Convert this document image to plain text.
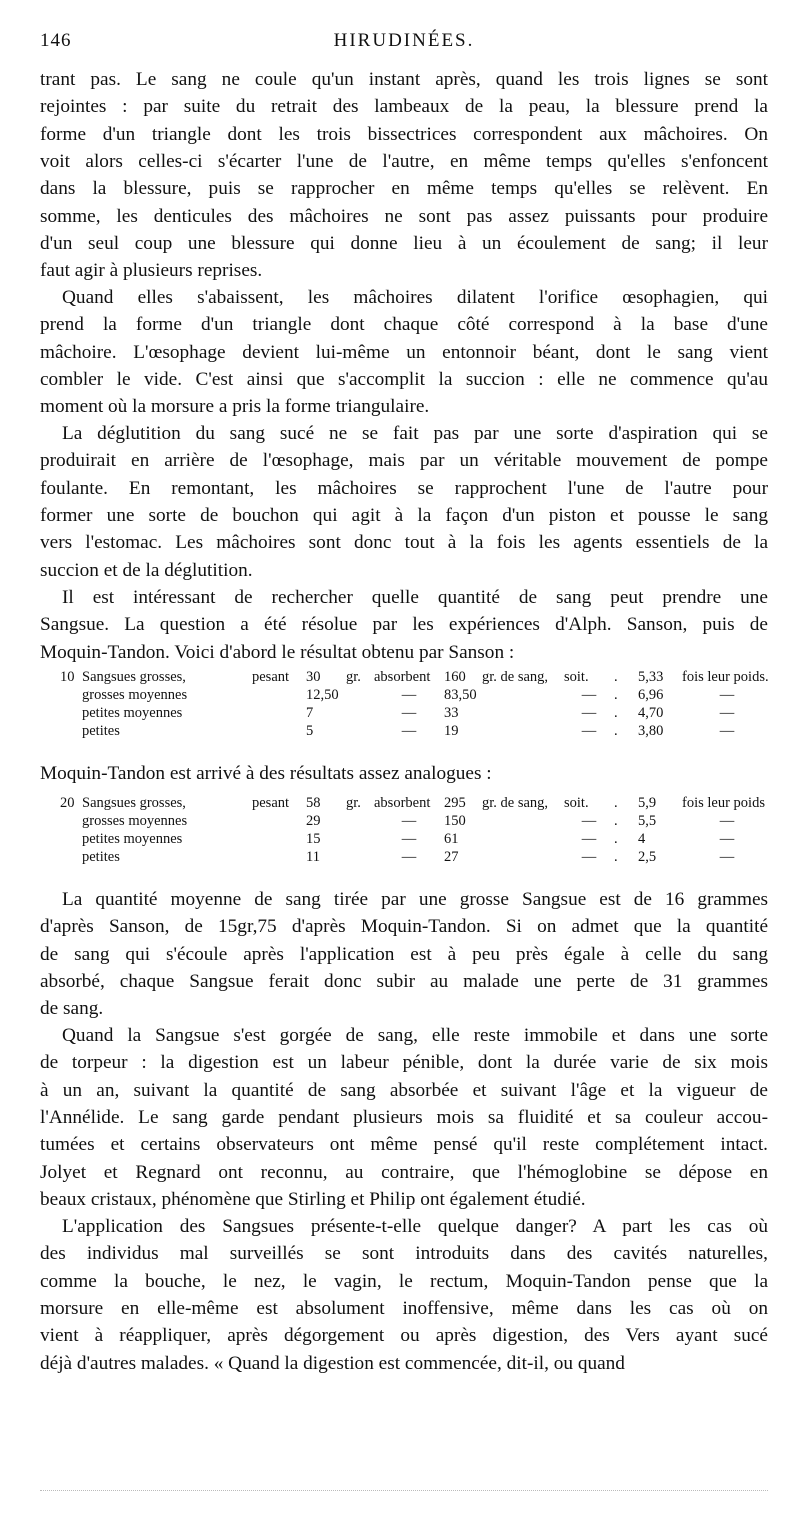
146	HIRUDINÉES.
trant pas. Le sang ne coule qu'un instant après, quand les trois lignes se sont
rejointes : par suite du retrait des lambeaux de la peau, la blessure prend la
forme d'un triangle dont les trois bissectrices correspondent aux mâchoires. On
voit alors celles-ci s'écarter l'une de l'autre, en même temps qu'elles s'enfoncent
dans la blessure, puis se rapprocher en même temps qu'elles se relèvent. En
somme, les denticules des mâchoires ne sont pas assez puissants pour produire
d'un seul coup une blessure qui donne lieu à un écoulement de sang; il leur
faut agir à plusieurs reprises.
Quand elles s'abaissent, les mâchoires dilatent l'orifice œsophagien, qui
prend la forme d'un triangle dont chaque côté correspond à la base d'une
mâchoire. L'œsophage devient lui-même un entonnoir béant, dont le sang vient
combler le vide. C'est ainsi que s'accomplit la succion : elle ne commence qu'au
moment où la morsure a pris la forme triangulaire.
La déglutition du sang sucé ne se fait pas par une sorte d'aspiration qui se
produirait en arrière de l'œsophage, mais par un véritable mouvement de pompe
foulante. En remontant, les mâchoires se rapprochent l'une de l'autre pour
former une sorte de bouchon qui agit à la façon d'un piston et pousse le sang
vers l'estomac. Les mâchoires sont donc tout à la fois les agents essentiels de la
succion et de la déglutition.
Il est intéressant de rechercher quelle quantité de sang peut prendre une
Sangsue. La question a été résolue par les expériences d'Alph. Sanson, puis de
Moquin-Tandon. Voici d'abord le résultat obtenu par Sanson :
10	Sangsues grosses,	pesant	30	gr.	absorbent	160	gr. de sang,	soit.	.	5,33	fois leur poids.
	grosses moyennes		12,50		—	83,50		—	.	6,96	—
	petites moyennes		7		—	33		—	.	4,70	—
	petites		5		—	19		—	.	3,80	—
Moquin-Tandon est arrivé à des résultats assez analogues :
20	Sangsues grosses,	pesant	58	gr.	absorbent	295	gr. de sang,	soit.	.	5,9	fois leur poids
	grosses moyennes		29		—	150		—	.	5,5	—
	petites moyennes		15		—	61		—	.	4	—
	petites		11		—	27		—	.	2,5	—
La quantité moyenne de sang tirée par une grosse Sangsue est de 16 grammes
d'après Sanson, de 15gr,75 d'après Moquin-Tandon. Si on admet que la quantité
de sang qui s'écoule après l'application est à peu près égale à celle du sang
absorbé, chaque Sangsue ferait donc subir au malade une perte de 31 grammes
de sang.
Quand la Sangsue s'est gorgée de sang, elle reste immobile et dans une sorte
de torpeur : la digestion est un labeur pénible, dont la durée varie de six mois
à un an, suivant la quantité de sang absorbée et suivant l'âge et la vigueur de
l'Annélide. Le sang garde pendant plusieurs mois sa fluidité et sa couleur accou-
tumées et certains observateurs ont même pensé qu'il reste complétement intact.
Jolyet et Regnard ont reconnu, au contraire, que l'hémoglobine se dépose en
beaux cristaux, phénomène que Stirling et Philip ont également étudié.
L'application des Sangsues présente-t-elle quelque danger? A part les cas où
des individus mal surveillés se sont introduits dans des cavités naturelles,
comme la bouche, le nez, le vagin, le rectum, Moquin-Tandon pense que la
morsure en elle-même est absolument inoffensive, même dans les cas où on
vient à réappliquer, après dégorgement ou après digestion, des Vers ayant sucé
déjà d'autres malades. « Quand la digestion est commencée, dit-il, ou quand
